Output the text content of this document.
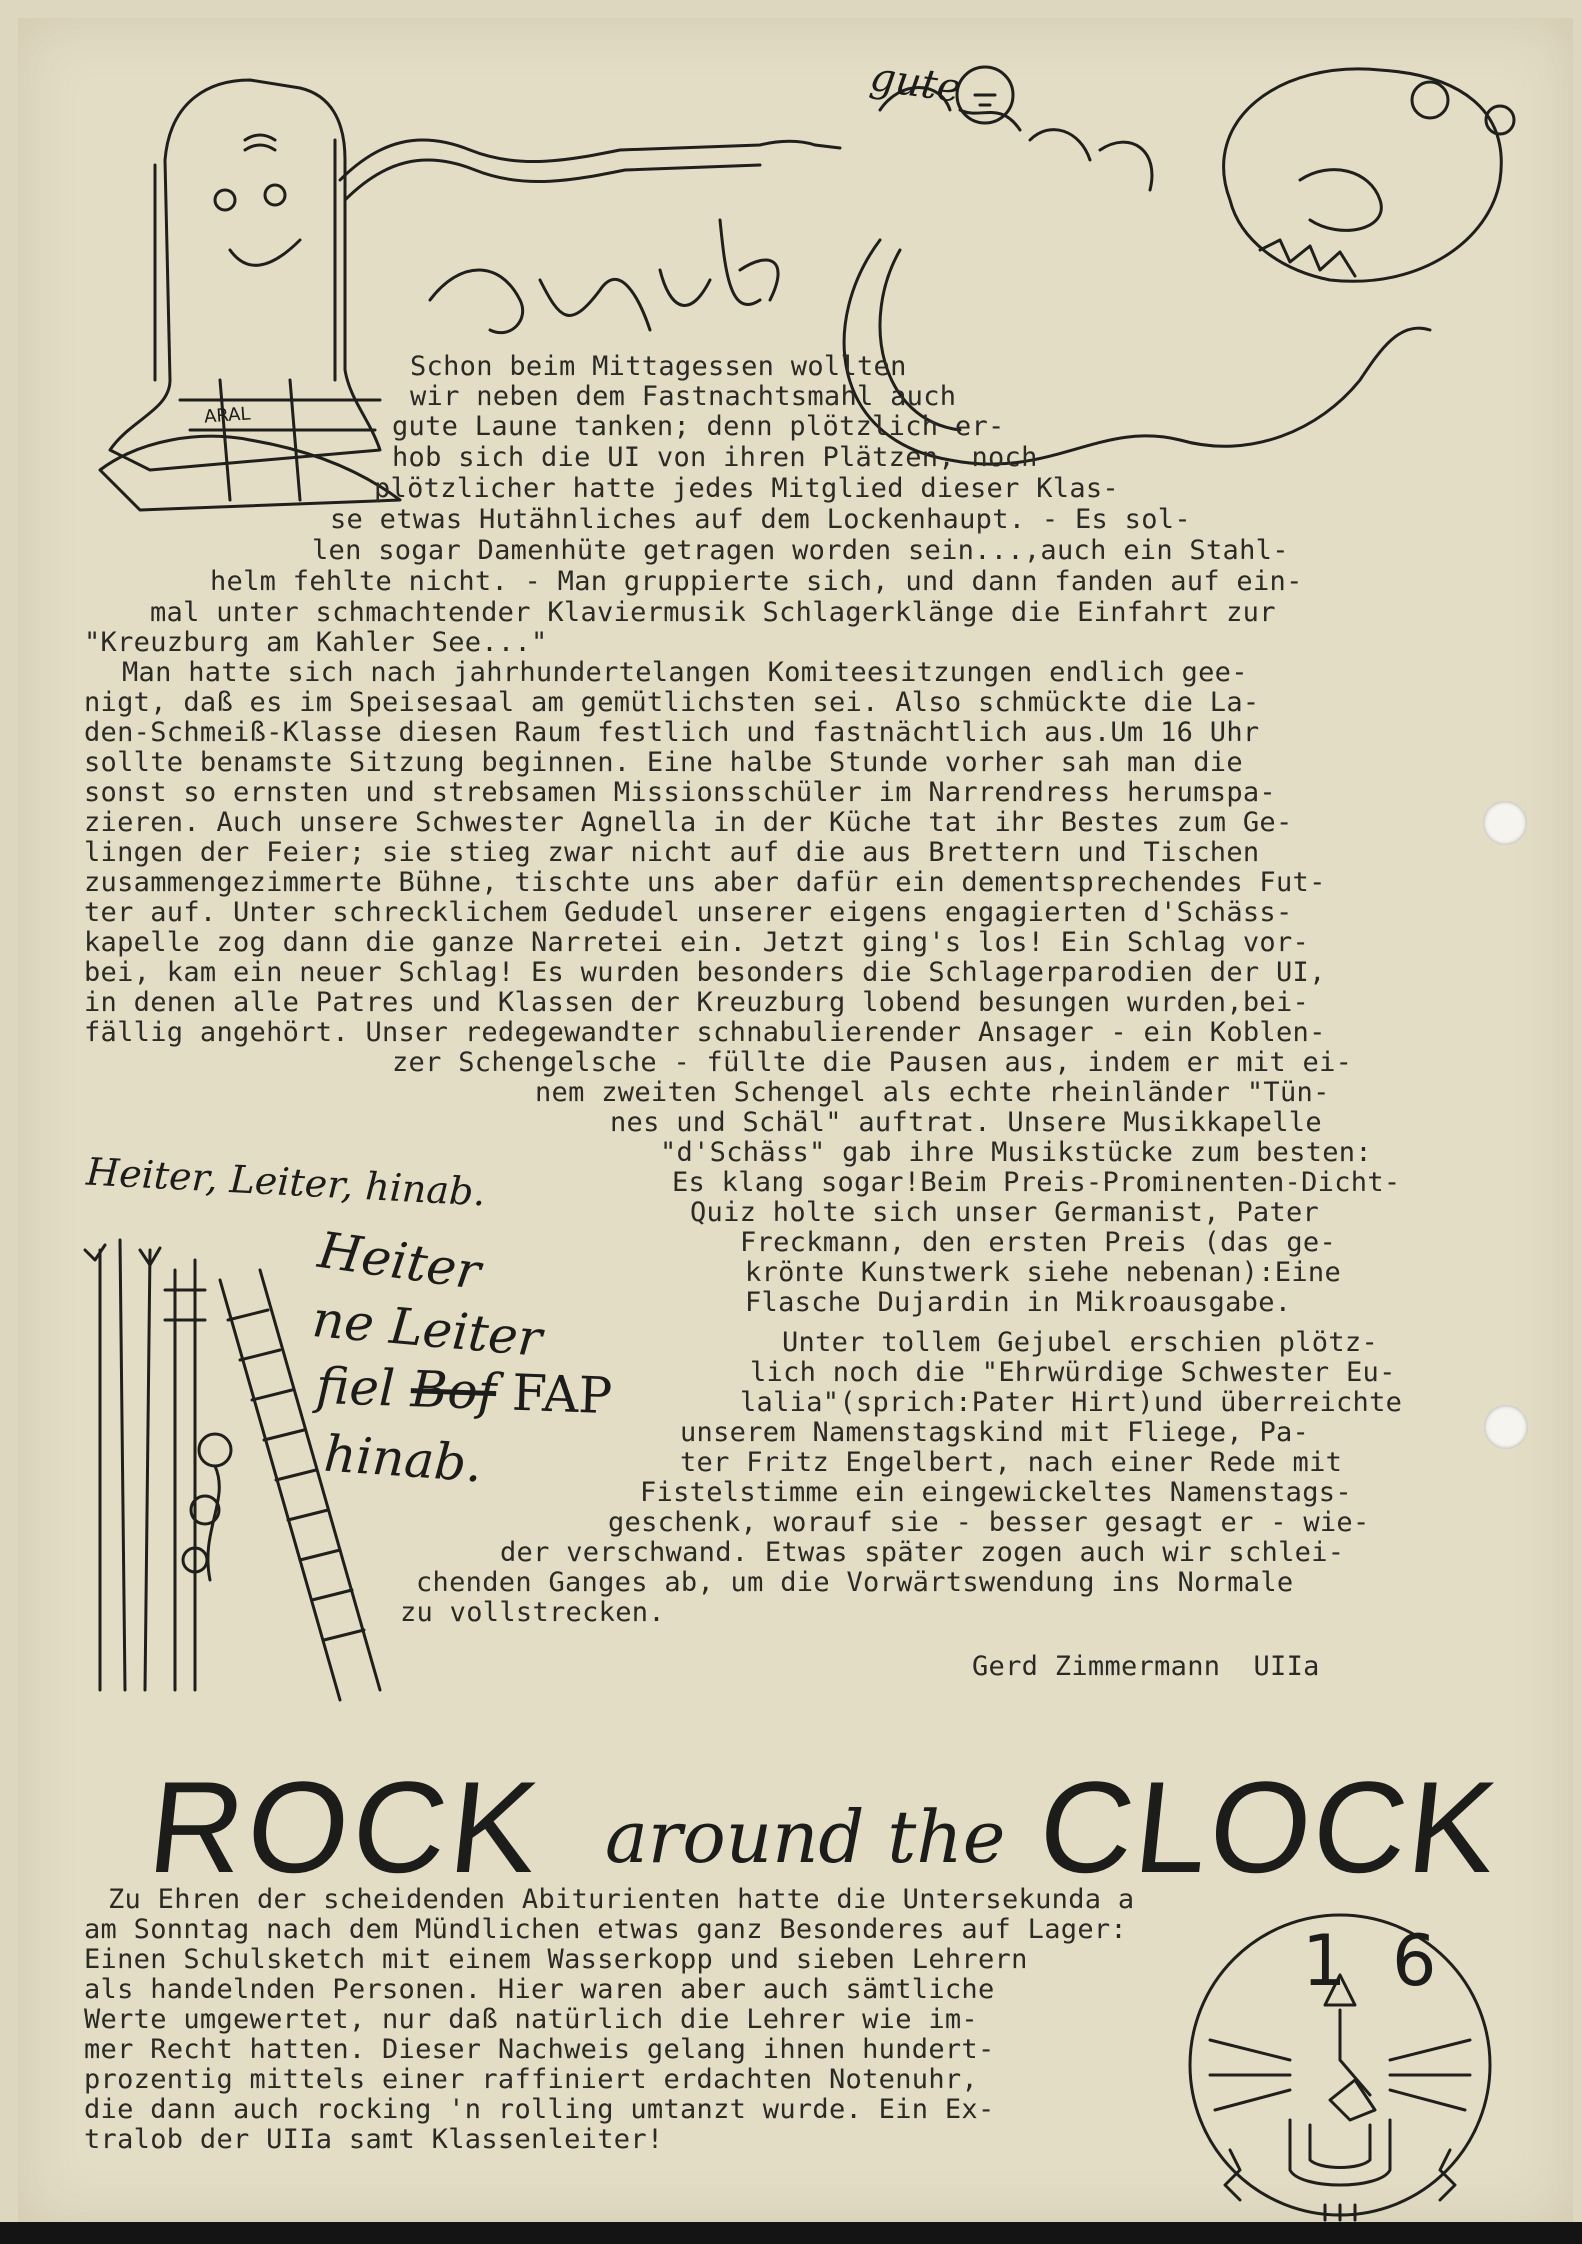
gute
ARAL
Schon beim Mittagessen wollten
wir neben dem Fastnachtsmahl auch
gute Laune tanken; denn plötzlich er-
hob sich die UI von ihren Plätzen, noch
plötzlicher hatte jedes Mitglied dieser Klas-
se etwas Hutähnliches auf dem Lockenhaupt. - Es sol-
len sogar Damenhüte getragen worden sein...,auch ein Stahl-
helm fehlte nicht. - Man gruppierte sich, und dann fanden auf ein-
mal unter schmachtender Klaviermusik Schlagerklänge die Einfahrt zur
"Kreuzburg am Kahler See..."
Man hatte sich nach jahrhundertelangen Komiteesitzungen endlich gee-
nigt, daß es im Speisesaal am gemütlichsten sei. Also schmückte die La-
den-Schmeiß-Klasse diesen Raum festlich und fastnächtlich aus.Um 16 Uhr
sollte benamste Sitzung beginnen. Eine halbe Stunde vorher sah man die
sonst so ernsten und strebsamen Missionsschüler im Narrendress herumspa-
zieren. Auch unsere Schwester Agnella in der Küche tat ihr Bestes zum Ge-
lingen der Feier; sie stieg zwar nicht auf die aus Brettern und Tischen
zusammengezimmerte Bühne, tischte uns aber dafür ein dementsprechendes Fut-
ter auf. Unter schrecklichem Gedudel unserer eigens engagierten d'Schäss-
kapelle zog dann die ganze Narretei ein. Jetzt ging's los! Ein Schlag vor-
bei, kam ein neuer Schlag! Es wurden besonders die Schlagerparodien der UI,
in denen alle Patres und Klassen der Kreuzburg lobend besungen wurden,bei-
fällig angehört. Unser redegewandter schnabulierender Ansager - ein Koblen-
zer Schengelsche - füllte die Pausen aus, indem er mit ei-
nem zweiten Schengel als echte rheinländer "Tün-
nes und Schäl" auftrat. Unsere Musikkapelle
"d'Schäss" gab ihre Musikstücke zum besten:
Es klang sogar!Beim Preis-Prominenten-Dicht-
Quiz holte sich unser Germanist, Pater
Freckmann, den ersten Preis (das ge-
krönte Kunstwerk siehe nebenan):Eine
Flasche Dujardin in Mikroausgabe.
Unter tollem Gejubel erschien plötz-
lich noch die "Ehrwürdige Schwester Eu-
lalia"(sprich:Pater Hirt)und überreichte
unserem Namenstagskind mit Fliege, Pa-
ter Fritz Engelbert, nach einer Rede mit
Fistelstimme ein eingewickeltes Namenstags-
geschenk, worauf sie - besser gesagt er - wie-
der verschwand. Etwas später zogen auch wir schlei-
chenden Ganges ab, um die Vorwärtswendung ins Normale
zu vollstrecken.
Gerd Zimmermann UIIa
Heiter, Leiter, hinab.
Heiter
ne Leiter
fiel Bof FAP
hinab.
ROCK around the CLOCK
Zu Ehren der scheidenden Abiturienten hatte die Untersekunda a
am Sonntag nach dem Mündlichen etwas ganz Besonderes auf Lager:
Einen Schulsketch mit einem Wasserkopp und sieben Lehrern
als handelnden Personen. Hier waren aber auch sämtliche
Werte umgewertet, nur daß natürlich die Lehrer wie im-
mer Recht hatten. Dieser Nachweis gelang ihnen hundert-
prozentig mittels einer raffiniert erdachten Notenuhr,
die dann auch rocking 'n rolling umtanzt wurde. Ein Ex-
tralob der UIIa samt Klassenleiter!
1 6
